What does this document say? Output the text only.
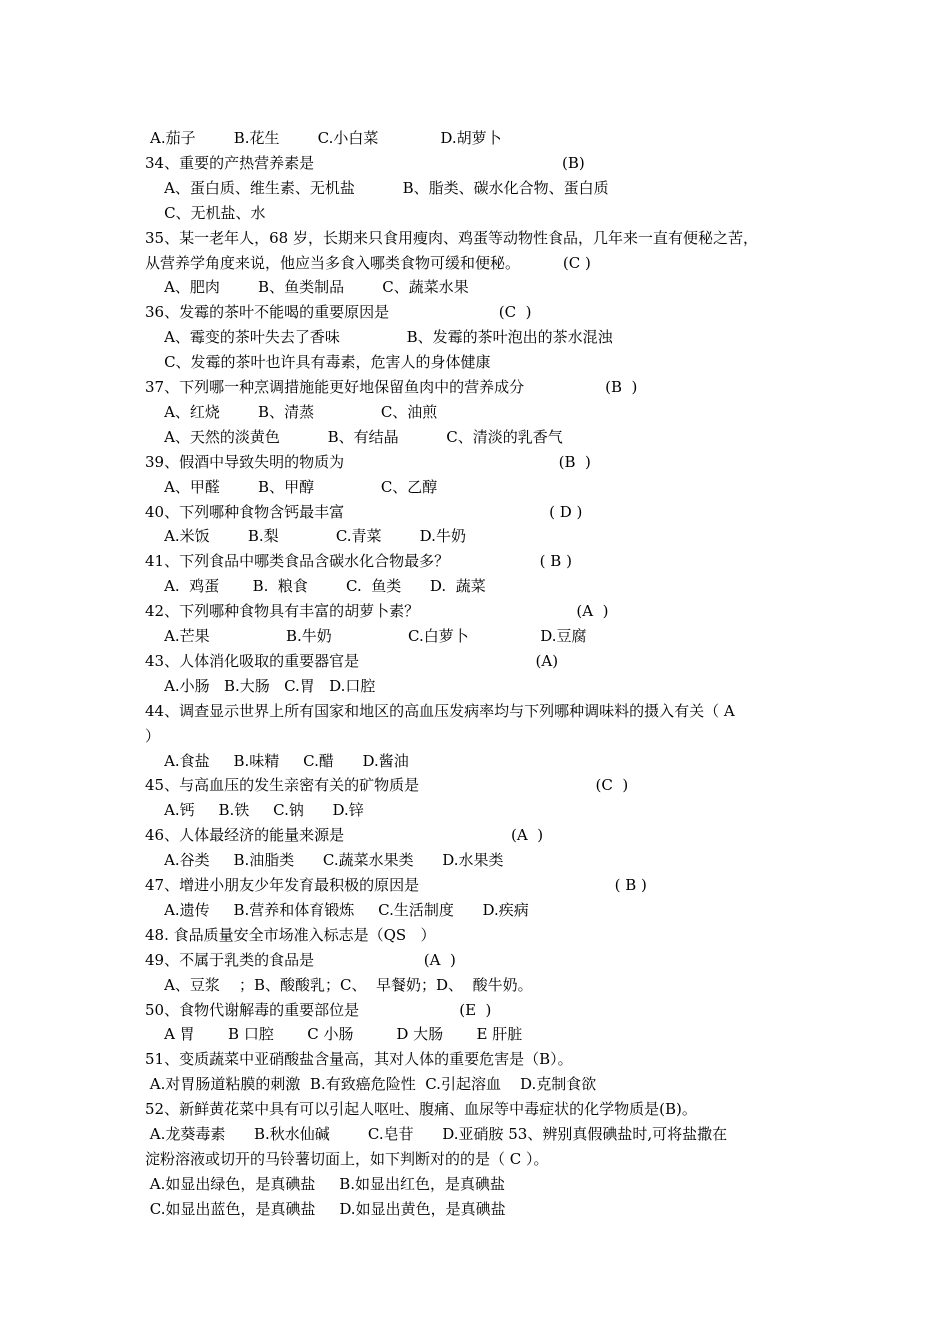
A.茄子        B.花生        C.小白菜             D.胡萝卜
34、重要的产热营养素是                                                    (B)
A、蛋白质、维生素、无机盐          B、脂类、碳水化合物、蛋白质
C、无机盐、水
35、某一老年人，68 岁，长期来只食用瘦肉、鸡蛋等动物性食品，几年来一直有便秘之苦，
从营养学角度来说，他应当多食入哪类食物可缓和便秘。         (C )
A、肥肉        B、鱼类制品        C、蔬菜水果
36、发霉的茶叶不能喝的重要原因是                       (C  )
A、霉变的茶叶失去了香味              B、发霉的茶叶泡出的茶水混浊
C、发霉的茶叶也许具有毒素，危害人的身体健康
37、下列哪一种烹调措施能更好地保留鱼肉中的营养成分                 (B  )
A、红烧        B、清蒸              C、油煎
A、天然的淡黄色          B、有结晶          C、清淡的乳香气
39、假酒中导致失明的物质为                                             (B  )
A、甲醛        B、甲醇              C、乙醇
40、下列哪种食物含钙最丰富                                           ( D )
A.米饭        B.梨            C.青菜        D.牛奶
41、下列食品中哪类食品含碳水化合物最多？                   ( B )
A.  鸡蛋       B.  粮食        C.  鱼类      D.  蔬菜
42、下列哪种食物具有丰富的胡萝卜素？                                 (A  )
A.芒果                B.牛奶                C.白萝卜               D.豆腐
43、人体消化吸取的重要器官是                                     (A)
A.小肠   B.大肠   C.胃   D.口腔
44、调查显示世界上所有国家和地区的高血压发病率均与下列哪种调味料的摄入有关（ A
）
A.食盐     B.味精     C.醋      D.酱油
45、与高血压的发生亲密有关的矿物质是                                     (C  )
A.钙     B.铁     C.钠      D.锌
46、人体最经济的能量来源是                                   (A  )
A.谷类     B.油脂类      C.蔬菜水果类      D.水果类
47、增进小朋友少年发育最积极的原因是                                         ( B )
A.遗传     B.营养和体育锻炼     C.生活制度      D.疾病
48. 食品质量安全市场准入标志是（QS   ）
49、不属于乳类的食品是                       (A  )
A、豆浆    ；B、酸酸乳；C、  早餐奶；D、  酸牛奶。
50、食物代谢解毒的重要部位是                     (E  )
A 胃       B 口腔       C 小肠         D 大肠       E 肝脏
51、变质蔬菜中亚硝酸盐含量高，其对人体的重要危害是（B）。
A.对胃肠道粘膜的刺激  B.有致癌危险性  C.引起溶血    D.克制食欲
52、新鲜黄花菜中具有可以引起人呕吐、腹痛、血尿等中毒症状的化学物质是(B)。
A.龙葵毒素      B.秋水仙碱        C.皂苷      D.亚硝胺 53、辨别真假碘盐时,可将盐撒在
淀粉溶液或切开的马铃薯切面上，如下判断对的的是（ C ）。
A.如显出绿色，是真碘盐     B.如显出红色，是真碘盐
C.如显出蓝色，是真碘盐     D.如显出黄色，是真碘盐
